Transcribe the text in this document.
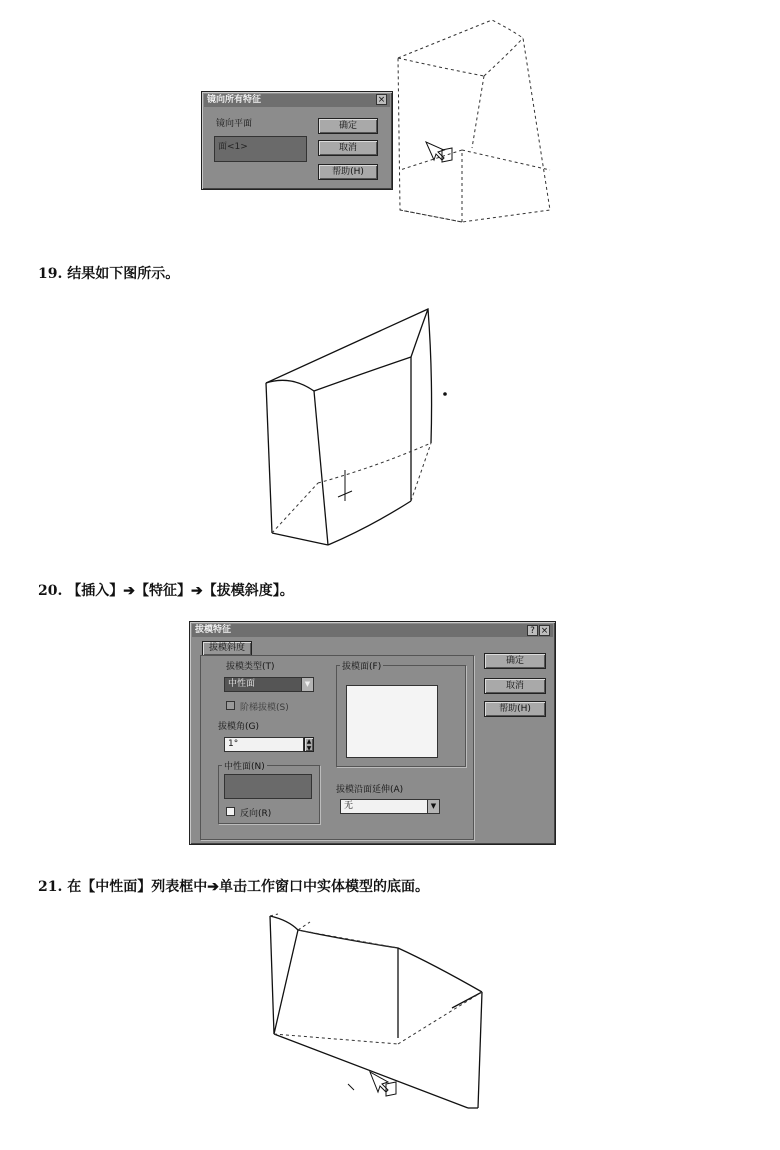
镜向所有特征	×
镜向平面
面<1>
确定
取消
帮助(H)
19. 结果如下图所示。
20. 【插入】➔【特征】➔【拔模斜度】。
拔模特征	? ×
拔模斜度
拔模类型(T)
中性面	▼
阶梯拔模(S)
拔模角(G)
1°	▲
▼
中性面(N)
反向(R)
拔模面(F)
拔模沿面延伸(A)
无	▼
确定
取消
帮助(H)
21. 在【中性面】列表框中➔单击工作窗口中实体模型的底面。
